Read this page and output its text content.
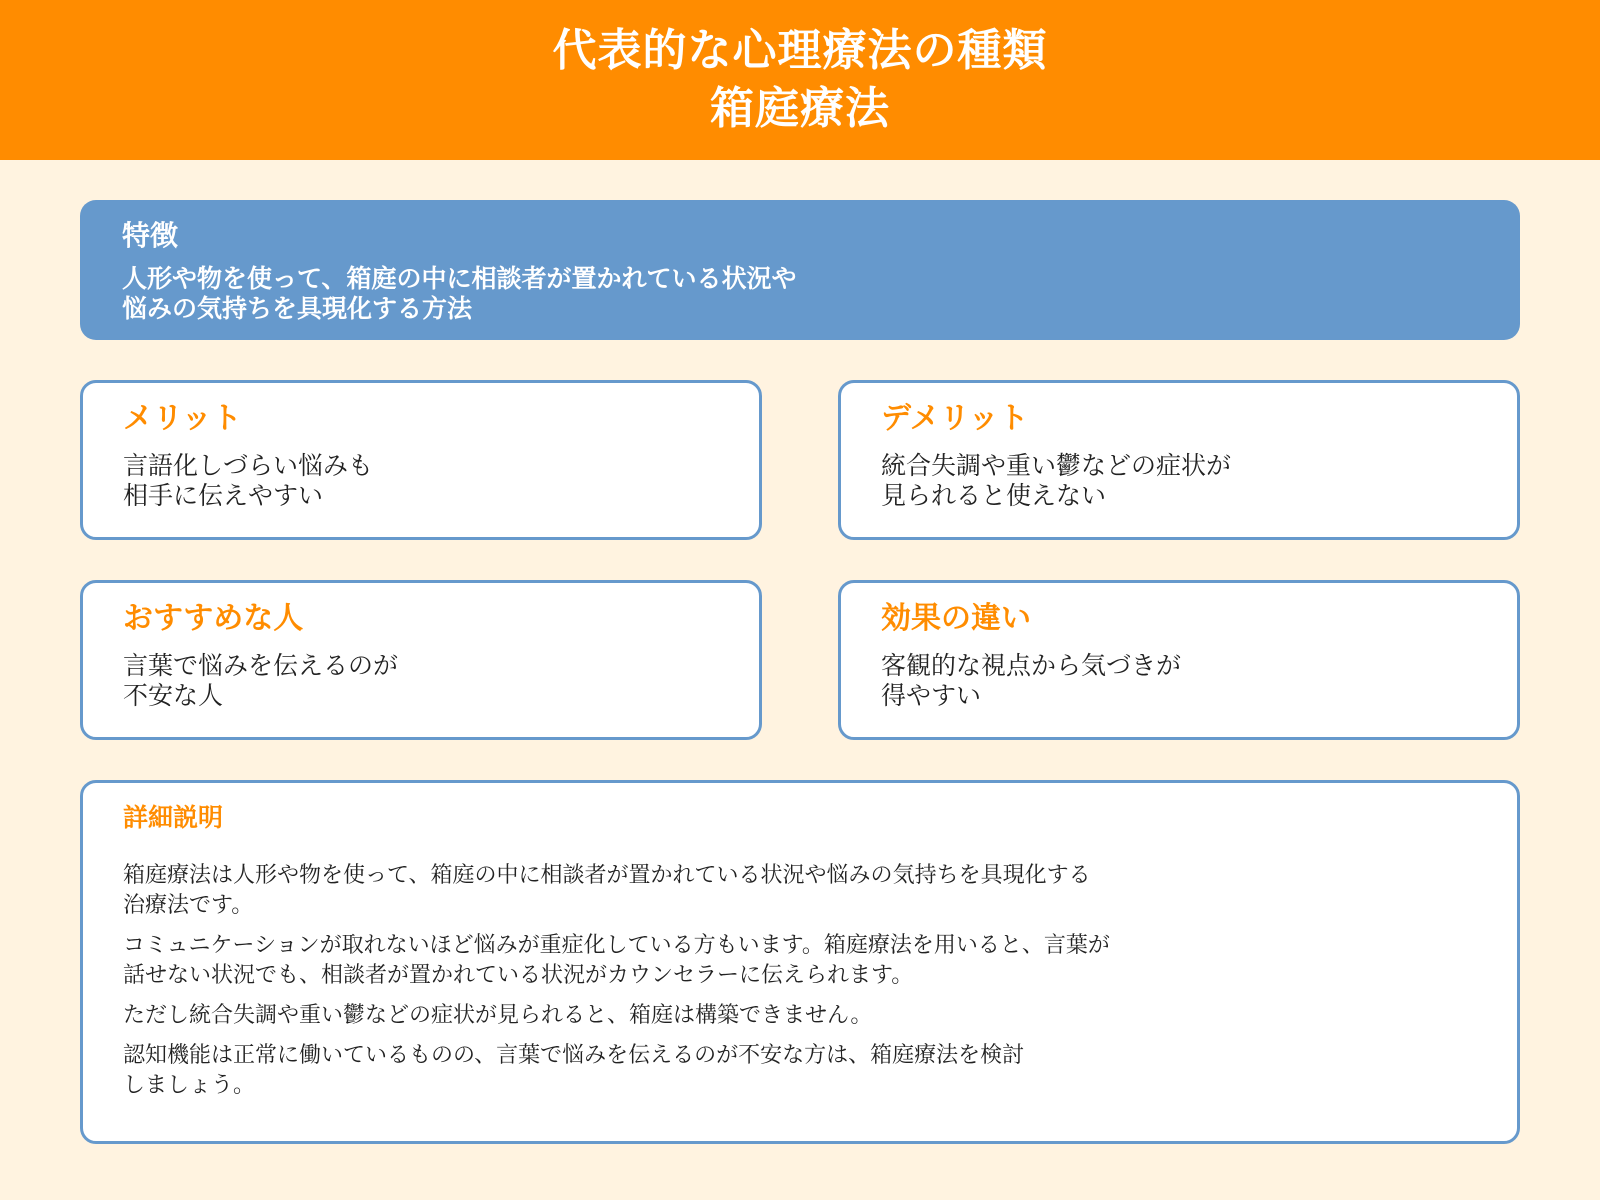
代表的な心理療法の種類
箱庭療法
特徴
人形や物を使って、箱庭の中に相談者が置かれている状況や
悩みの気持ちを具現化する方法
メリット
言語化しづらい悩みも
相手に伝えやすい
デメリット
統合失調や重い鬱などの症状が
見られると使えない
おすすめな人
言葉で悩みを伝えるのが
不安な人
効果の違い
客観的な視点から気づきが
得やすい
詳細説明
箱庭療法は人形や物を使って、箱庭の中に相談者が置かれている状況や悩みの気持ちを具現化する
治療法です。
コミュニケーションが取れないほど悩みが重症化している方もいます。箱庭療法を用いると、言葉が
話せない状況でも、相談者が置かれている状況がカウンセラーに伝えられます。
ただし統合失調や重い鬱などの症状が見られると、箱庭は構築できません。
認知機能は正常に働いているものの、言葉で悩みを伝えるのが不安な方は、箱庭療法を検討
しましょう。
